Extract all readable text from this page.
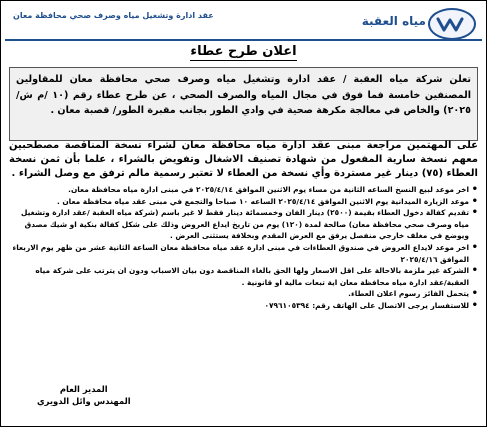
مياه العقبة
عقد ادارة وتشغيل مياه وصرف صحي محافظة معان
اعلان طرح عطاء
تعلن شركة مياه العقبة / عقد ادارة وتشغيل مياه وصرف صحي محافظة معان للمقاولين المصنفين خامسة فما فوق في مجال المياه والصرف الصحي ، عن طرح عطاء رقم (١٠ /م ش/٢٠٢٥) والخاص في معالجة مكرهة صحية في وادي الطور بجانب مقبرة الطور/ قصبة معان .

على المهتمين مراجعة مبنى عقد ادارة مياه محافظة معان لشراء نسخة المناقصة مصطحبين معهم نسخة سارية المفعول من شهادة تصنيف الاشغال وتفويض بالشراء ، علما بأن ثمن نسخة العطاء (٧٥) دينار غير مستردة وأي نسخة من العطاء لا تعتبر رسمية مالم ترفق مع وصل الشراء .

• اخر موعد لبيع النسخ الساعه الثانية من مساء يوم الاثنين الموافق ٢٠٢٥/٤/١٤ في مبنى ادارة مياه محافظة معان.
• موعد الزيارة الميدانية يوم الاثنين الموافق ٢٠٢٥/٤/١٤ الساعه ١٠ صباحا والتجمع في مبنى عقد مياه محافظة معان .
• تقديم كفالة دخول العطاء بقيمة (٢٥٠٠) دينار الفان وخمسمائة دينار فقط لا غير باسم (شركة مياه العقبة /عقد ادارة وتشغيل مياه وصرف صحي محافظة معان) صالحة لمدة (١٢٠) يوم من تاريخ ايداع العروض وذلك على شكل كفالة بنكية او شيك مصدق ويوضع في مغلف خارجي منفصل يرفق مع العرض المقدم وبخلافة يستثنى العرض .
• اخر موعد لايداع العروض في صندوق العطاءات في مبنى ادارة عقد مياه محافظة معان الساعة الثانية عشر من ظهر يوم الاربعاء الموافق ٢٠٢٥/٤/١٦
• الشركة غير ملزمة بالاحالة على اقل الاسعار ولها الحق بالغاء المناقصة دون بيان الاسباب ودون ان يترتب على شركة مياه العقبة/عقد ادارة مياه محافظة معان اية تبعات مالية او قانونية .
• يتحمل الفائز رسوم اعلان العطاء.
• للاستفسار يرجى الاتصال على الهاتف رقم: ٠٧٩٦١٠٥٣٩٤
المدير العام
المهندس وائل الدويري
